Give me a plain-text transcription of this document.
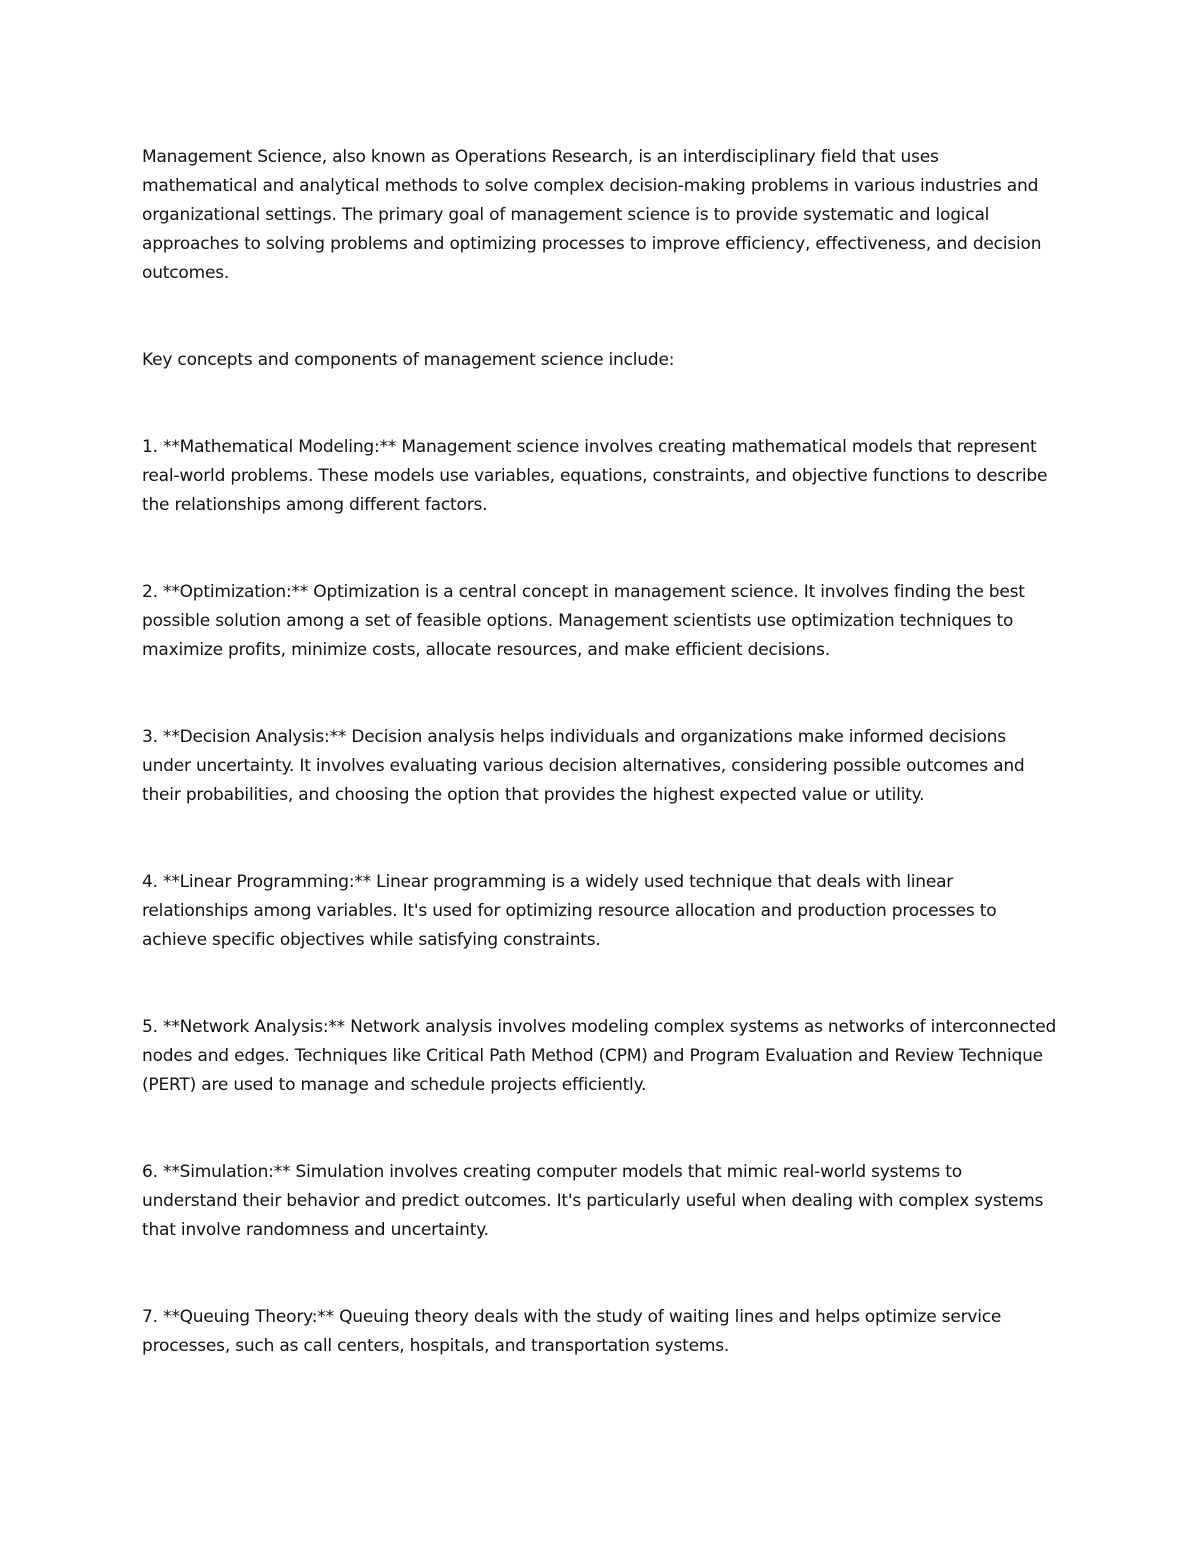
Management Science, also known as Operations Research, is an interdisciplinary field that uses mathematical and analytical methods to solve complex decision-making problems in various industries and organizational settings. The primary goal of management science is to provide systematic and logical approaches to solving problems and optimizing processes to improve efficiency, effectiveness, and decision outcomes.

Key concepts and components of management science include:

1. **Mathematical Modeling:** Management science involves creating mathematical models that represent real-world problems. These models use variables, equations, constraints, and objective functions to describe the relationships among different factors.

2. **Optimization:** Optimization is a central concept in management science. It involves finding the best possible solution among a set of feasible options. Management scientists use optimization techniques to maximize profits, minimize costs, allocate resources, and make efficient decisions.

3. **Decision Analysis:** Decision analysis helps individuals and organizations make informed decisions under uncertainty. It involves evaluating various decision alternatives, considering possible outcomes and their probabilities, and choosing the option that provides the highest expected value or utility.

4. **Linear Programming:** Linear programming is a widely used technique that deals with linear relationships among variables. It's used for optimizing resource allocation and production processes to achieve specific objectives while satisfying constraints.

5. **Network Analysis:** Network analysis involves modeling complex systems as networks of interconnected nodes and edges. Techniques like Critical Path Method (CPM) and Program Evaluation and Review Technique (PERT) are used to manage and schedule projects efficiently.

6. **Simulation:** Simulation involves creating computer models that mimic real-world systems to understand their behavior and predict outcomes. It's particularly useful when dealing with complex systems that involve randomness and uncertainty.

7. **Queuing Theory:** Queuing theory deals with the study of waiting lines and helps optimize service processes, such as call centers, hospitals, and transportation systems.
